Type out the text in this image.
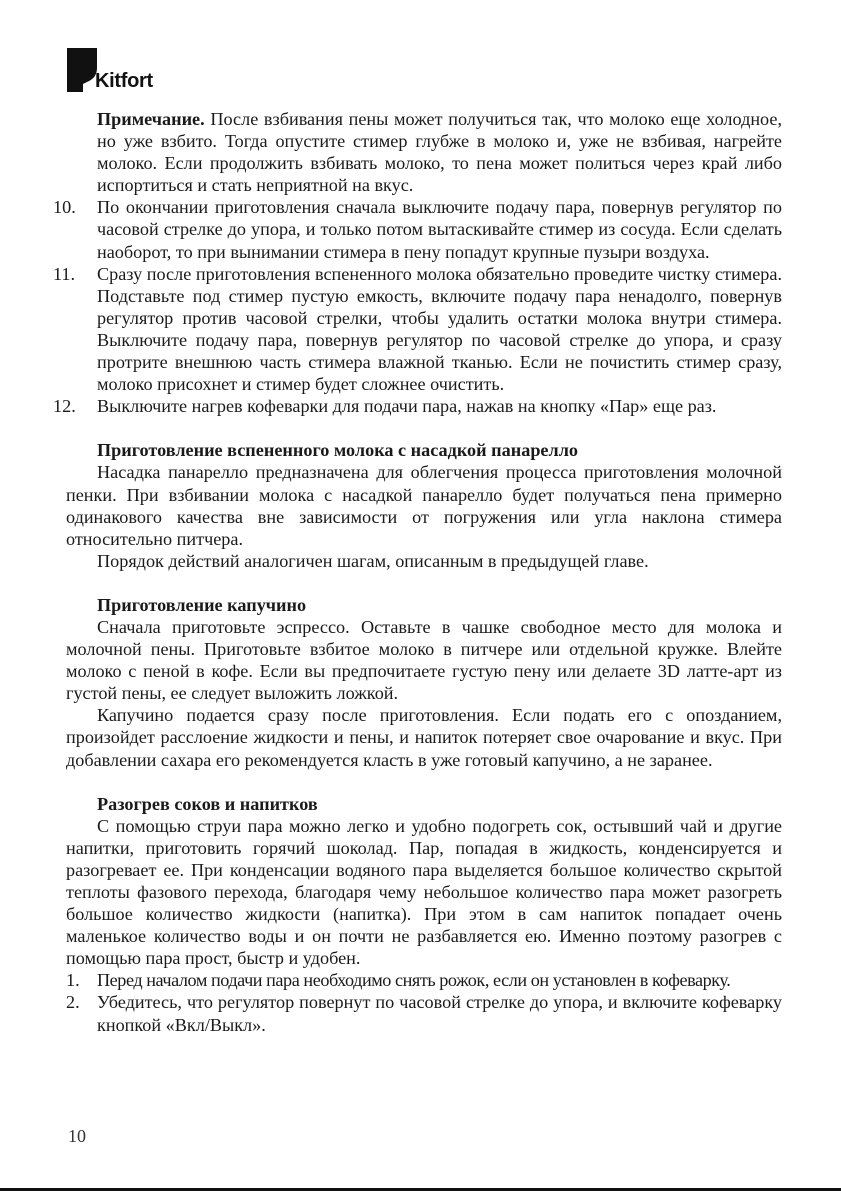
Kitfort

Примечание. После взбивания пены может получиться так, что молоко еще холодное, но уже взбито. Тогда опустите стимер глубже в молоко и, уже не взбивая, нагрейте молоко. Если продолжить взбивать молоко, то пена может политься через край либо испортиться и стать неприятной на вкус.

10.	По окончании приготовления сначала выключите подачу пара, повернув регулятор по часовой стрелке до упора, и только потом вытаскивайте стимер из сосуда. Если сделать наоборот, то при вынимании стимера в пену попадут крупные пузыри воздуха.
11.	Сразу после приготовления вспененного молока обязательно проведите чистку стимера. Подставьте под стимер пустую емкость, включите подачу пара ненадолго, повернув регулятор против часовой стрелки, чтобы удалить остатки молока внутри стимера. Выключите подачу пара, повернув регулятор по часовой стрелке до упора, и сразу протрите внешнюю часть стимера влажной тканью. Если не почистить стимер сразу, молоко присохнет и стимер будет сложнее очистить.
12.	Выключите нагрев кофеварки для подачи пара, нажав на кнопку «Пар» еще раз.

Приготовление вспененного молока с насадкой панарелло

Насадка панарелло предназначена для облегчения процесса приготовления молочной пенки. При взбивании молока с насадкой панарелло будет получаться пена примерно одинакового качества вне зависимости от погружения или угла наклона стимера относительно питчера.

Порядок действий аналогичен шагам, описанным в предыдущей главе.

Приготовление капучино

Сначала приготовьте эспрессо. Оставьте в чашке свободное место для молока и молочной пены. Приготовьте взбитое молоко в питчере или отдельной кружке. Влейте молоко с пеной в кофе. Если вы предпочитаете густую пену или делаете 3D латте-арт из густой пены, ее следует выложить ложкой.

Капучино подается сразу после приготовления. Если подать его с опозданием, произойдет расслоение жидкости и пены, и напиток потеряет свое очарование и вкус. При добавлении сахара его рекомендуется класть в уже готовый капучино, а не заранее.

Разогрев соков и напитков

С помощью струи пара можно легко и удобно подогреть сок, остывший чай и другие напитки, приготовить горячий шоколад. Пар, попадая в жидкость, конденсируется и разогревает ее. При конденсации водяного пара выделяется большое количество скрытой теплоты фазового перехода, благодаря чему небольшое количество пара может разогреть большое количество жидкости (напитка). При этом в сам напиток попадает очень маленькое количество воды и он почти не разбавляется ею. Именно поэтому разогрев с помощью пара прост, быстр и удобен.

1. Перед началом подачи пара необходимо снять рожок, если он установлен в кофеварку.
2. Убедитесь, что регулятор повернут по часовой стрелке до упора, и включите кофеварку кнопкой «Вкл/Выкл».
10
